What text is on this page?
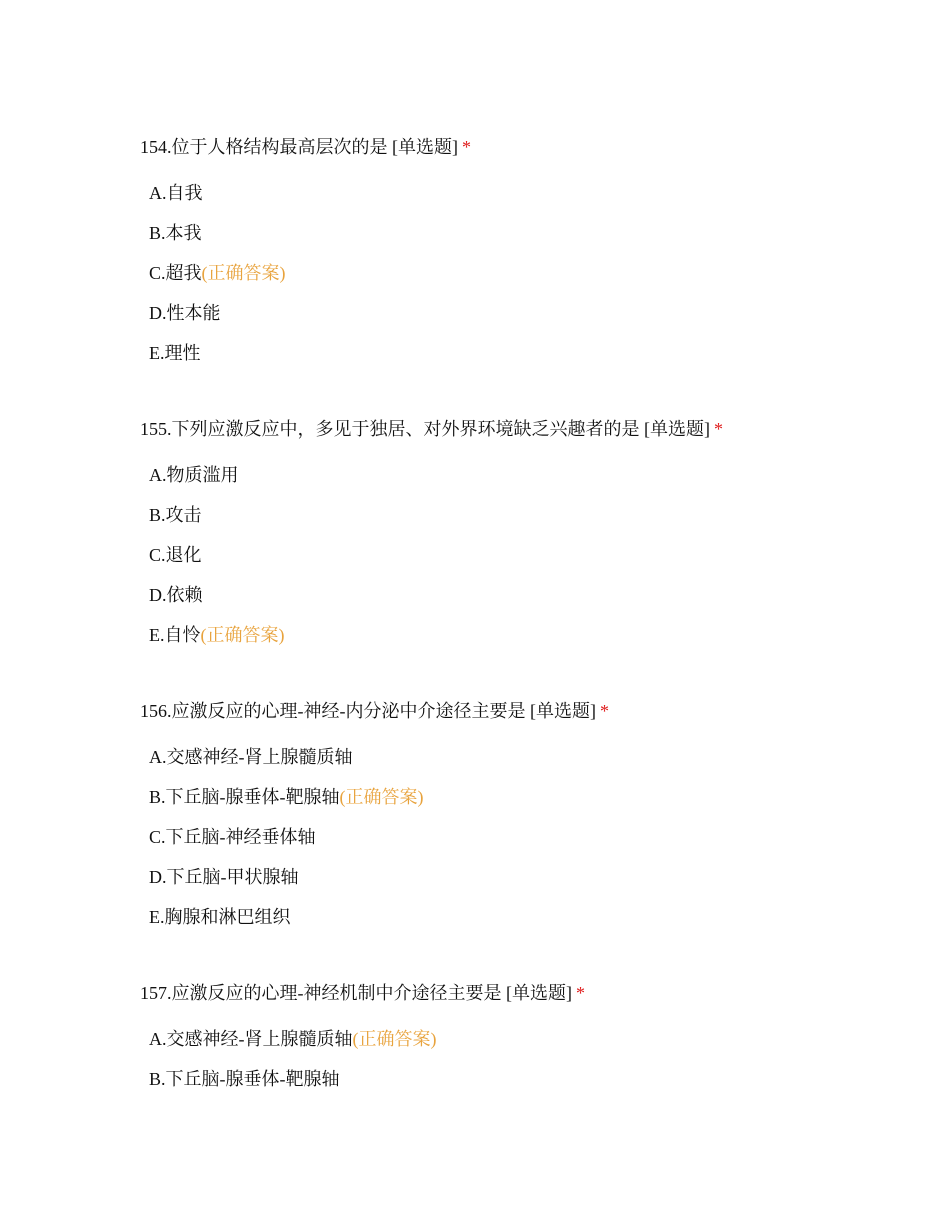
154.位于人格结构最高层次的是 [单选题] *

A.自我
B.本我
C.超我(正确答案)
D.性本能
E.理性

155.下列应激反应中，多见于独居、对外界环境缺乏兴趣者的是 [单选题] *

A.物质滥用
B.攻击
C.退化
D.依赖
E.自怜(正确答案)

156.应激反应的心理-神经-内分泌中介途径主要是 [单选题] *

A.交感神经-肾上腺髓质轴
B.下丘脑-腺垂体-靶腺轴(正确答案)
C.下丘脑-神经垂体轴
D.下丘脑-甲状腺轴
E.胸腺和淋巴组织

157.应激反应的心理-神经机制中介途径主要是 [单选题] *

A.交感神经-肾上腺髓质轴(正确答案)
B.下丘脑-腺垂体-靶腺轴
